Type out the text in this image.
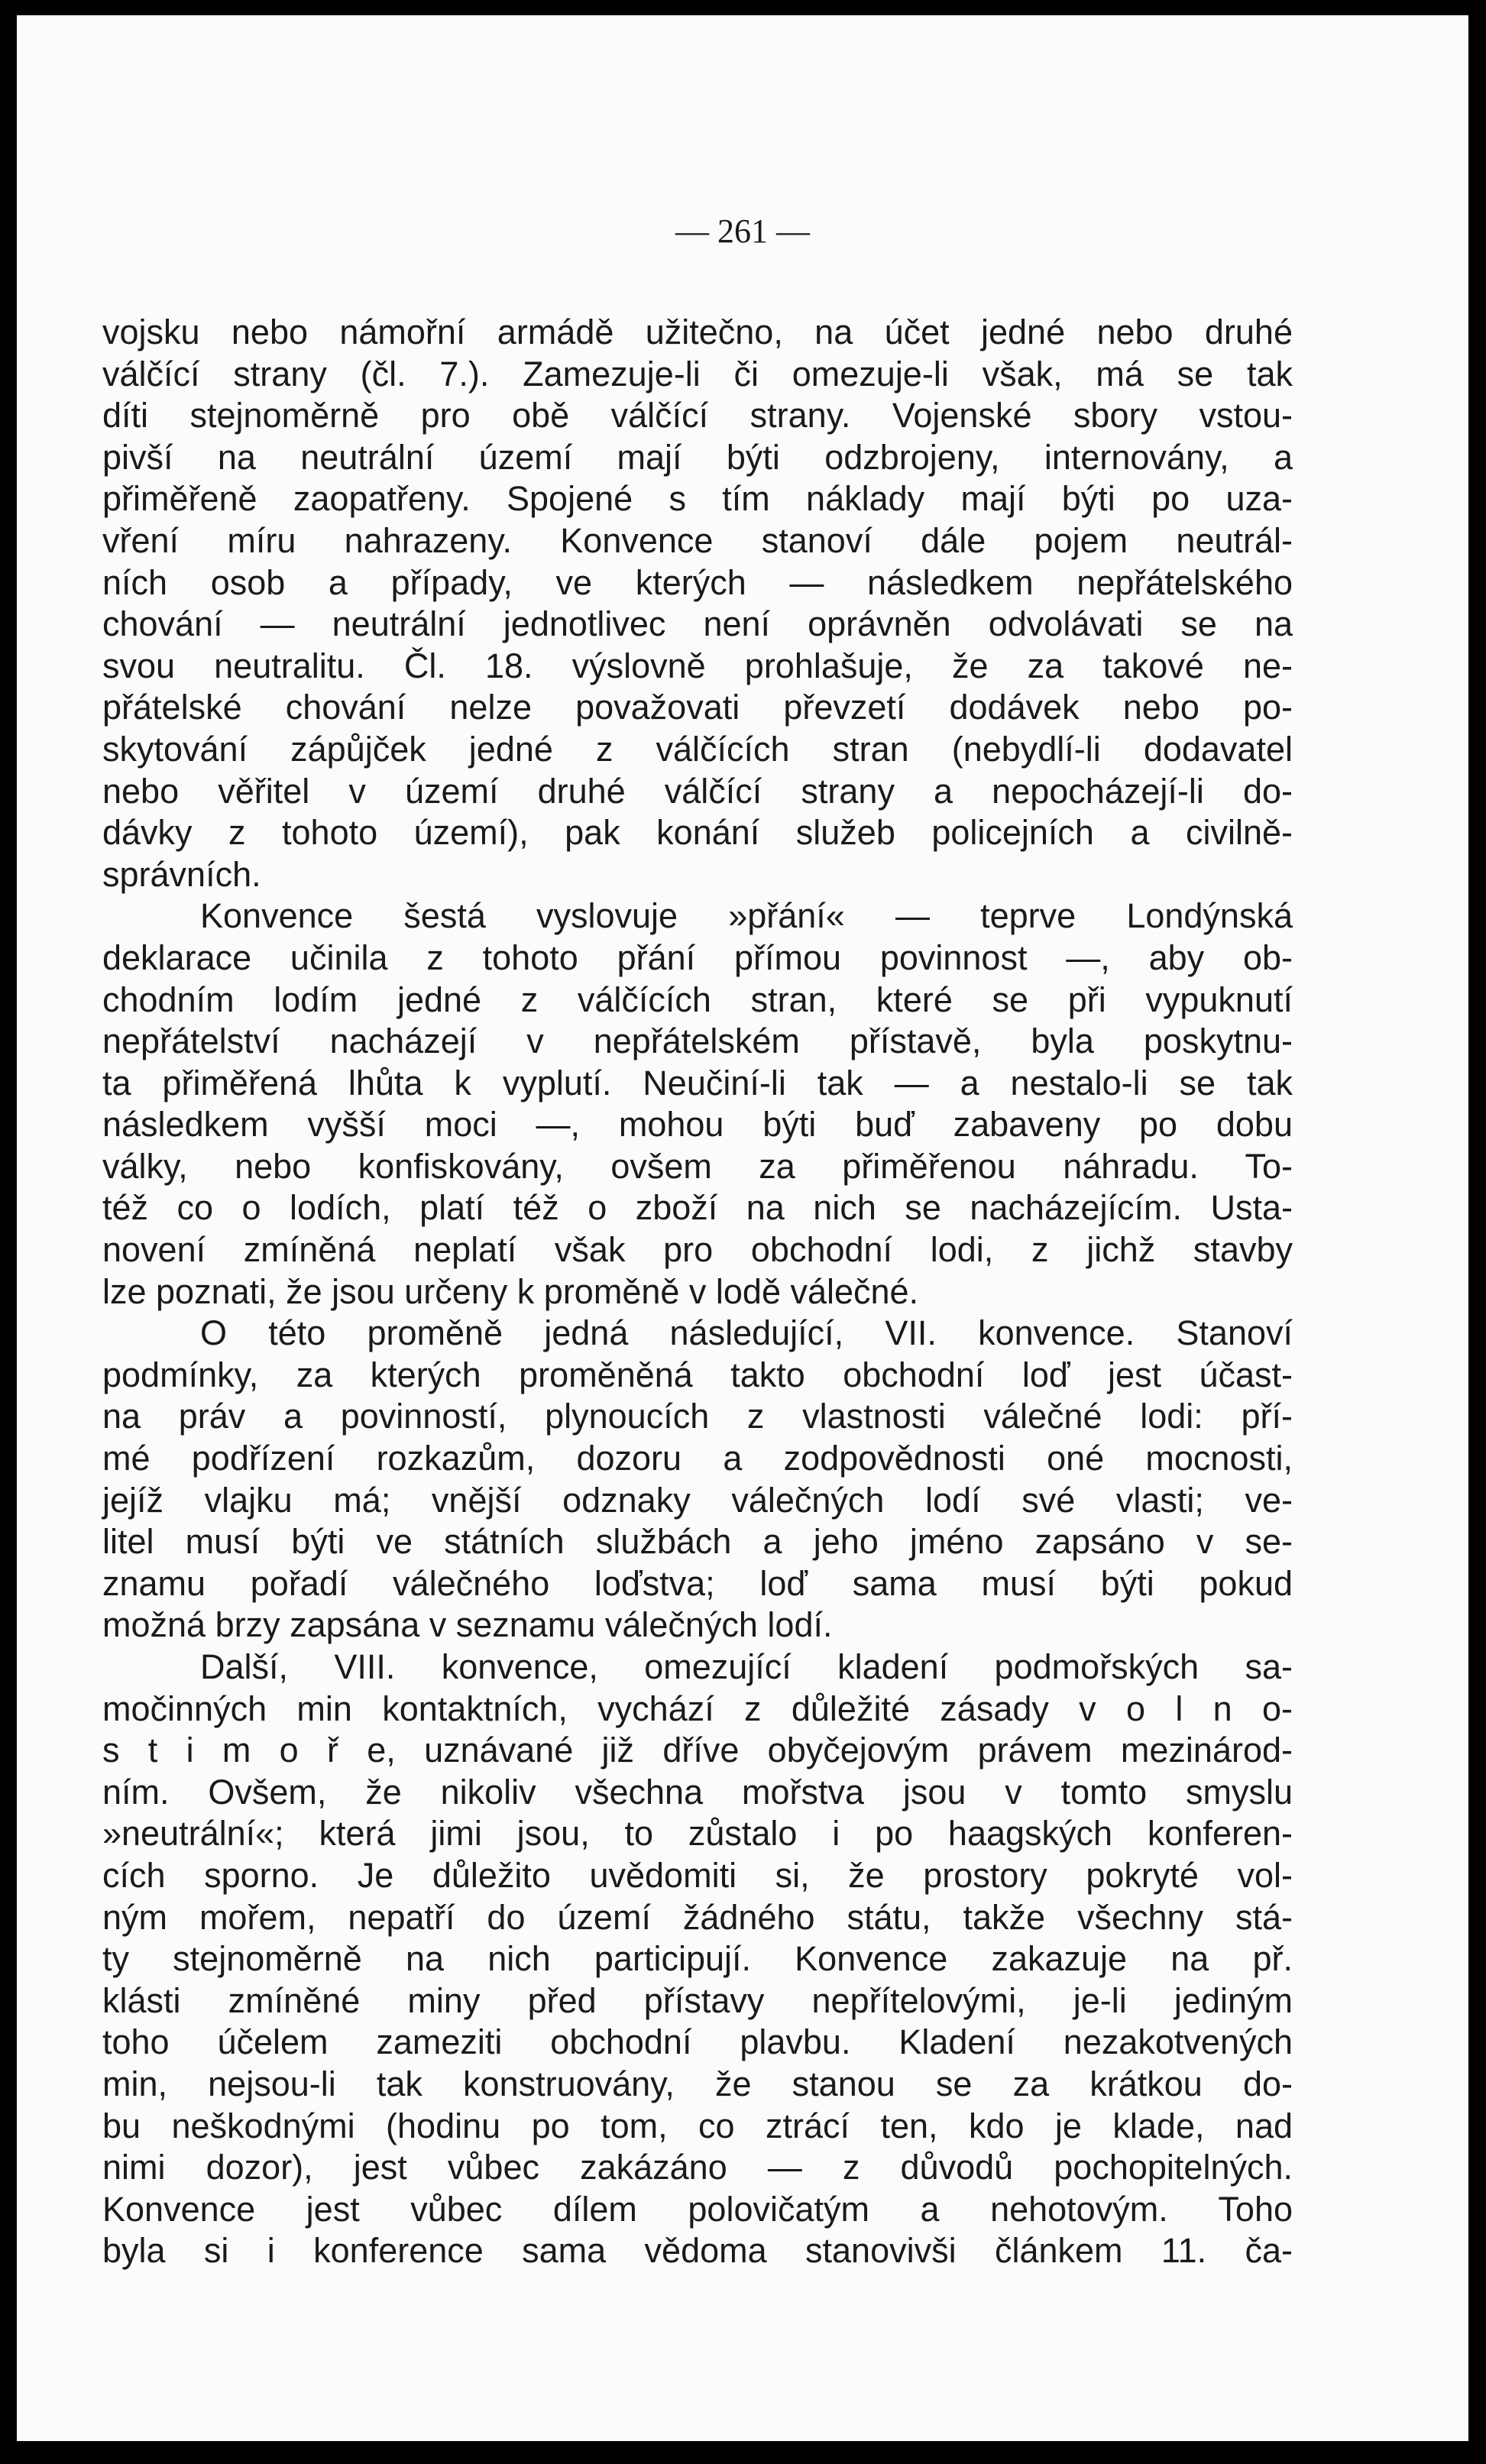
— 261 —
vojsku nebo námořní armádě užitečno, na účet jedné nebo druhé
válčící strany (čl. 7.). Zamezuje-li či omezuje-li však, má se tak
díti stejnoměrně pro obě válčící strany. Vojenské sbory vstou-
pivší na neutrální území mají býti odzbrojeny, internovány, a
přiměřeně zaopatřeny. Spojené s tím náklady mají býti po uza-
vření míru nahrazeny. Konvence stanoví dále pojem neutrál-
ních osob a případy, ve kterých — následkem nepřátelského
chování — neutrální jednotlivec není oprávněn odvolávati se na
svou neutralitu. Čl. 18. výslovně prohlašuje, že za takové ne-
přátelské chování nelze považovati převzetí dodávek nebo po-
skytování zápůjček jedné z válčících stran (nebydlí-li dodavatel
nebo věřitel v území druhé válčící strany a nepocházejí-li do-
dávky z tohoto území), pak konání služeb policejních a civilně-
správních.
Konvence šestá vyslovuje »přání« — teprve Londýnská
deklarace učinila z tohoto přání přímou povinnost —, aby ob-
chodním lodím jedné z válčících stran, které se při vypuknutí
nepřátelství nacházejí v nepřátelském přístavě, byla poskytnu-
ta přiměřená lhůta k vyplutí. Neučiní-li tak — a nestalo-li se tak
následkem vyšší moci —, mohou býti buď zabaveny po dobu
války, nebo konfiskovány, ovšem za přiměřenou náhradu. To-
též co o lodích, platí též o zboží na nich se nacházejícím. Usta-
novení zmíněná neplatí však pro obchodní lodi, z jichž stavby
lze poznati, že jsou určeny k proměně v lodě válečné.
O této proměně jedná následující, VII. konvence. Stanoví
podmínky, za kterých proměněná takto obchodní loď jest účast-
na práv a povinností, plynoucích z vlastnosti válečné lodi: pří-
mé podřízení rozkazům, dozoru a zodpovědnosti oné mocnosti,
jejíž vlajku má; vnější odznaky válečných lodí své vlasti; ve-
litel musí býti ve státních službách a jeho jméno zapsáno v se-
znamu pořadí válečného loďstva; loď sama musí býti pokud
možná brzy zapsána v seznamu válečných lodí.
Další, VIII. konvence, omezující kladení podmořských sa-
močinných min kontaktních, vychází z důležité zásady v o l n o-
s t i m o ř e, uznávané již dříve obyčejovým právem mezinárod-
ním. Ovšem, že nikoliv všechna mořstva jsou v tomto smyslu
»neutrální«; která jimi jsou, to zůstalo i po haagských konferen-
cích sporno. Je důležito uvědomiti si, že prostory pokryté vol-
ným mořem, nepatří do území žádného státu, takže všechny stá-
ty stejnoměrně na nich participují. Konvence zakazuje na př.
klásti zmíněné miny před přístavy nepřítelovými, je-li jediným
toho účelem zameziti obchodní plavbu. Kladení nezakotvených
min, nejsou-li tak konstruovány, že stanou se za krátkou do-
bu neškodnými (hodinu po tom, co ztrácí ten, kdo je klade, nad
nimi dozor), jest vůbec zakázáno — z důvodů pochopitelných.
Konvence jest vůbec dílem polovičatým a nehotovým. Toho
byla si i konference sama vědoma stanovivši článkem 11. ča-
